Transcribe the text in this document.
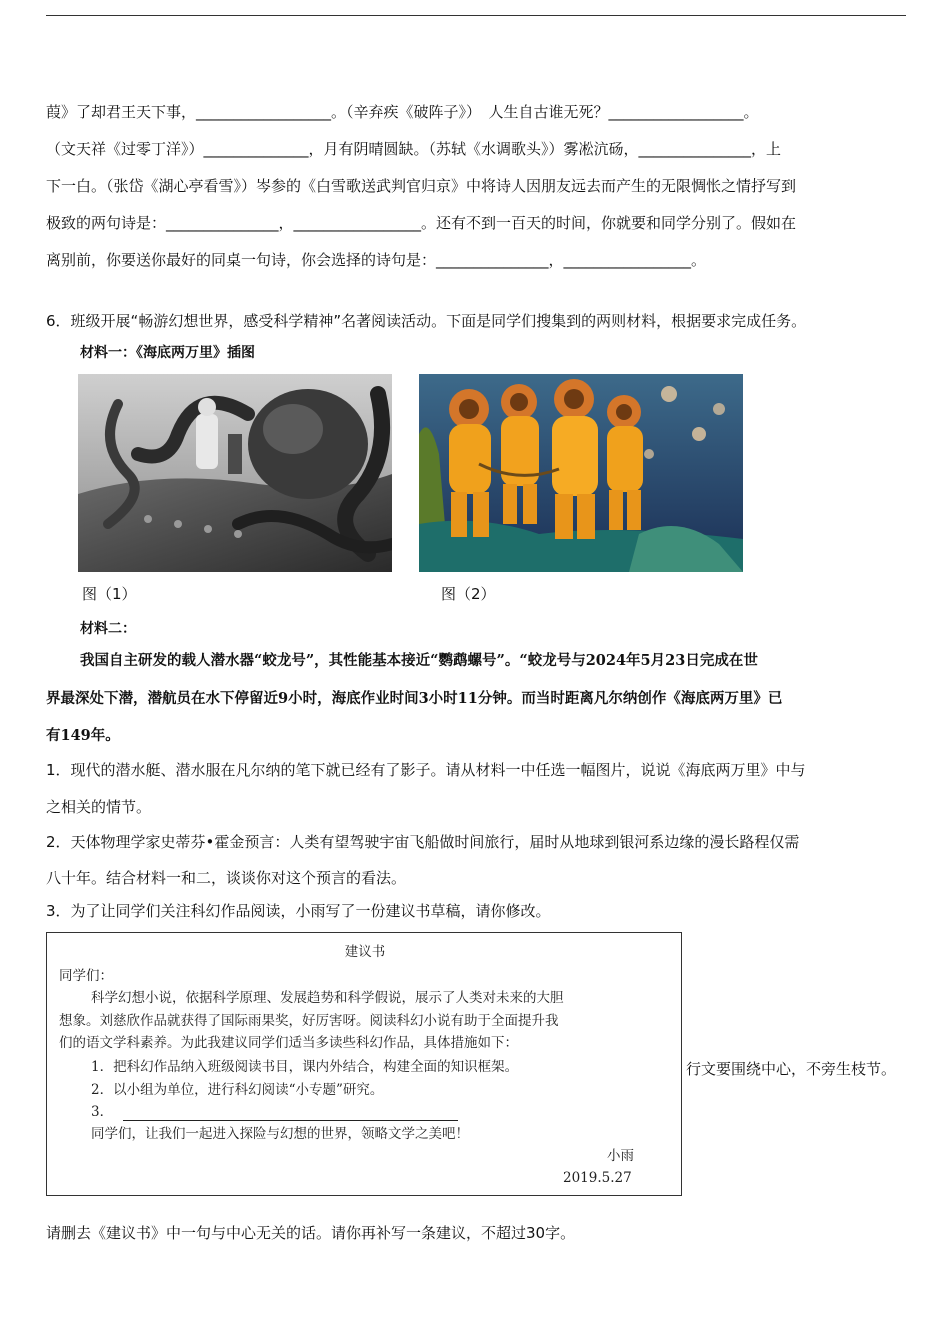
葭》了却君王天下事，__________________。（辛弃疾《破阵子》）　人生自古谁无死？__________________。
（文天祥《过零丁洋》）______________，月有阴晴圆缺。（苏轼《水调歌头》）雾凇沆砀，_______________，上
下一白。（张岱《湖心亭看雪》）岑参的《白雪歌送武判官归京》中将诗人因朋友远去而产生的无限惆怅之情抒写到
极致的两句诗是：_______________，_________________。还有不到一百天的时间，你就要和同学分别了。假如在
离别前，你要送你最好的同桌一句诗，你会选择的诗句是：_______________，_________________。
6．班级开展“畅游幻想世界，感受科学精神”名著阅读活动。下面是同学们搜集到的两则材料，根据要求完成任务。
材料一：《海底两万里》插图
图（1）	图（2）
材料二：
我国自主研发的载人潜水器“蛟龙号”，其性能基本接近“鹦鹉螺号”。“蛟龙号与2024年5月23日完成在世
界最深处下潜，潜航员在水下停留近9小时，海底作业时间3小时11分钟。而当时距离凡尔纳创作《海底两万里》已
有149年。
1．现代的潜水艇、潜水服在凡尔纳的笔下就已经有了影子。请从材料一中任选一幅图片，说说《海底两万里》中与
之相关的情节。
2．天体物理学家史蒂芬•霍金预言：人类有望驾驶宇宙飞船做时间旅行，届时从地球到银河系边缘的漫长路程仅需
八十年。结合材料一和二，谈谈你对这个预言的看法。
3．为了让同学们关注科幻作品阅读，小雨写了一份建议书草稿，请你修改。
建议书
同学们：
科学幻想小说，依据科学原理、发展趋势和科学假说，展示了人类对未来的大胆
想象。刘慈欣作品就获得了国际雨果奖，好厉害呀。阅读科幻小说有助于全面提升我
们的语文学科素养。为此我建议同学们适当多读些科幻作品，具体措施如下：
1．把科幻作品纳入班级阅读书目，课内外结合，构建全面的知识框架。
2．以小组为单位，进行科幻阅读“小专题”研究。
3．
同学们，让我们一起进入探险与幻想的世界，领略文学之美吧！
小雨
2019.5.27
行文要围绕中心，不旁生枝节。
请删去《建议书》中一句与中心无关的话。请你再补写一条建议，不超过30字。
